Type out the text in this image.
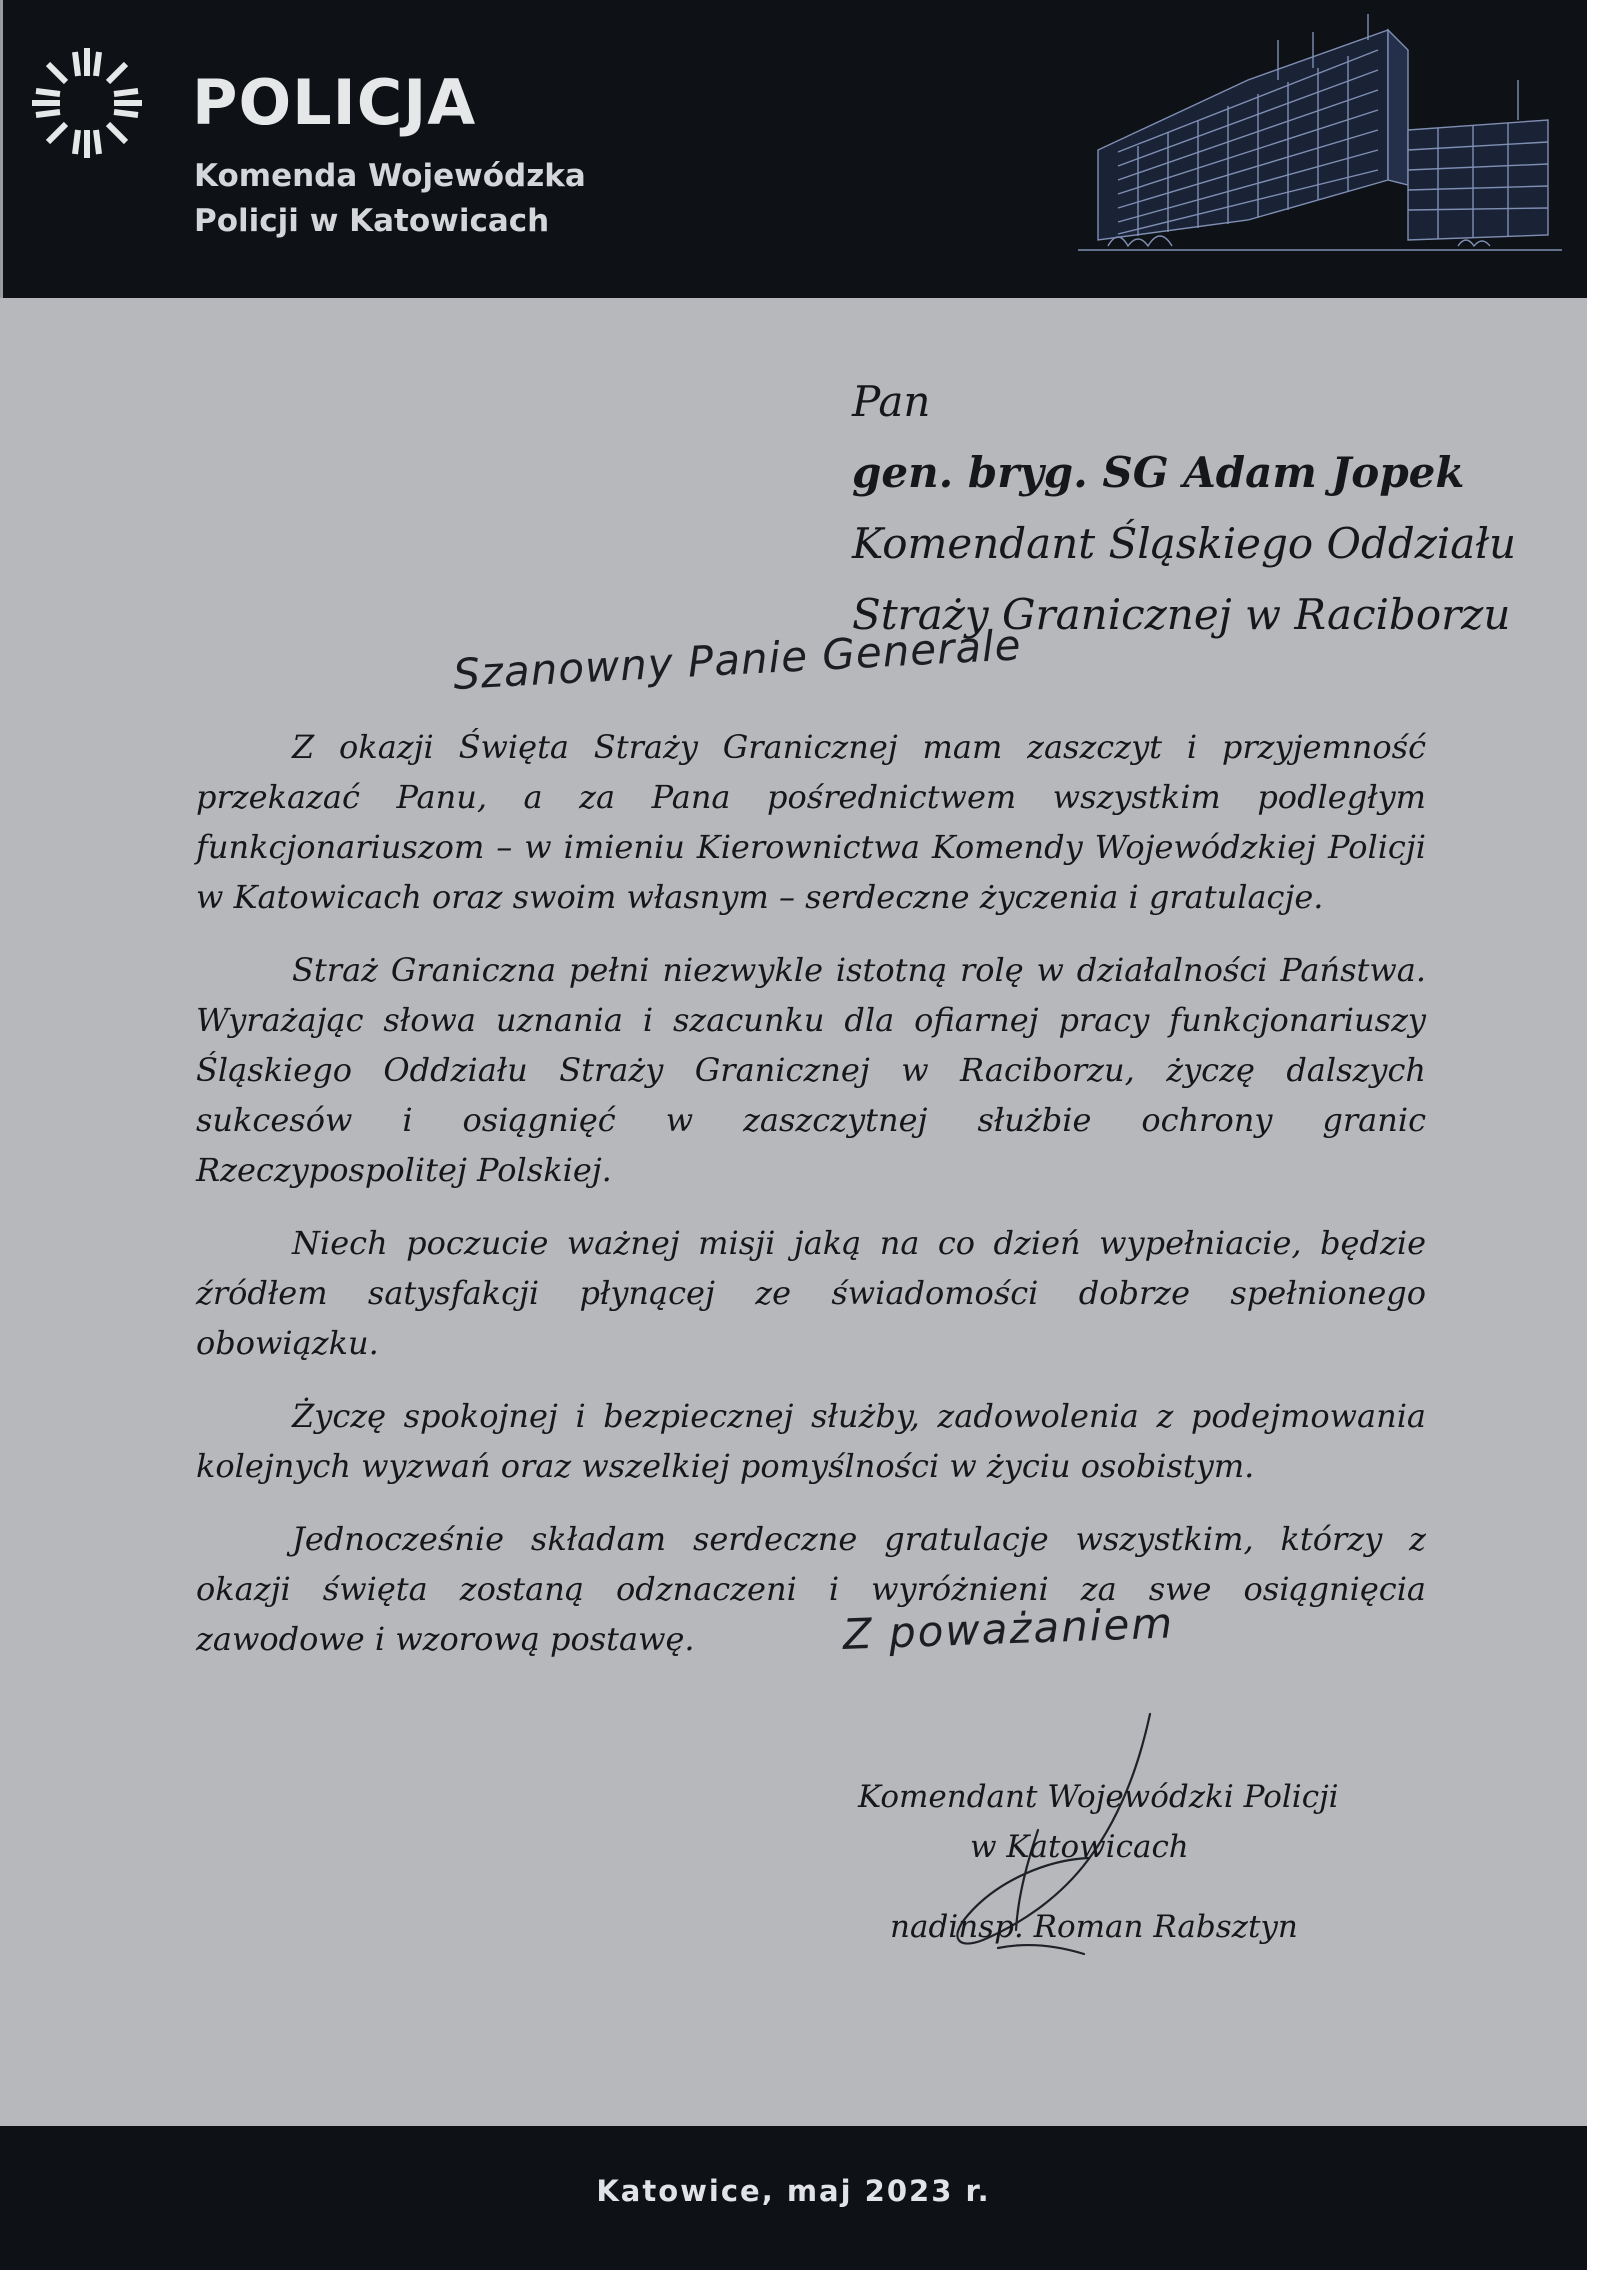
POLICJA
Komenda Wojewódzka
Policji w Katowicach
Pan
gen. bryg. SG Adam Jopek
Komendant Śląskiego Oddziału
Straży Granicznej w Raciborzu
Szanowny Panie Generale

Z okazji Święta Straży Granicznej mam zaszczyt i przyjemność przekazać Panu, a za Pana pośrednictwem wszystkim podległym funkcjonariuszom – w imieniu Kierownictwa Komendy Wojewódzkiej Policji w Katowicach oraz swoim własnym – serdeczne życzenia i gratulacje.

Straż Graniczna pełni niezwykle istotną rolę w działalności Państwa. Wyrażając słowa uznania i szacunku dla ofiarnej pracy funkcjonariuszy Śląskiego Oddziału Straży Granicznej w Raciborzu, życzę dalszych sukcesów i osiągnięć w zaszczytnej służbie ochrony granic Rzeczypospolitej Polskiej.

Niech poczucie ważnej misji jaką na co dzień wypełniacie, będzie źródłem satysfakcji płynącej ze świadomości dobrze spełnionego obowiązku.

Życzę spokojnej i bezpiecznej służby, zadowolenia z podejmowania kolejnych wyzwań oraz wszelkiej pomyślności w życiu osobistym.

Jednocześnie składam serdeczne gratulacje wszystkim, którzy z okazji święta zostaną odznaczeni i wyróżnieni za swe osiągnięcia zawodowe i wzorową postawę.	Z poważaniem
Komendant Wojewódzki Policji
w Katowicach
nadinsp. Roman Rabsztyn
Katowice, maj 2023 r.
